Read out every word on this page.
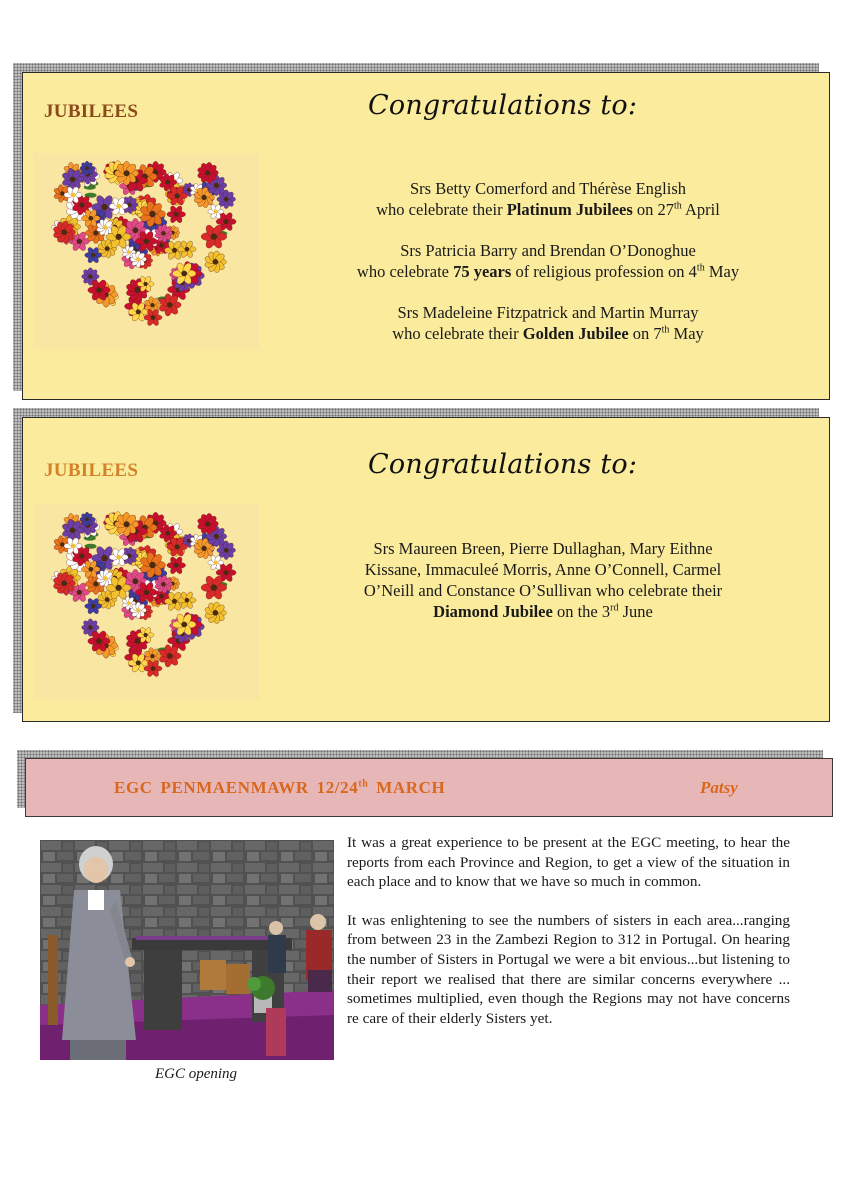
JUBILEES	Congratulations to:

Srs Betty Comerford and Thérèse English
who celebrate their Platinum Jubilees on 27th April

Srs Patricia Barry and Brendan O’Donoghue
who celebrate 75 years of religious profession on 4th May

Srs Madeleine Fitzpatrick and Martin Murray
who celebrate their Golden Jubilee on 7th May

JUBILEES	Congratulations to:

Srs Maureen Breen, Pierre Dullaghan, Mary Eithne
Kissane, Immaculeé Morris, Anne O’Connell, Carmel
O’Neill and Constance O’Sullivan who celebrate their
Diamond Jubilee on the 3rd June

EGC PENMAENMAWR 12/24th MARCH	Patsy
EGC opening

It was a great experience to be present at the EGC meeting, to hear the reports from each Province and Region, to get a view of the situation in each place and to know that we have so much in common.

It was enlightening to see the numbers of sisters in each area...ranging from between 23 in the Zambezi Region to 312 in Portugal. On hearing the number of Sisters in Portugal we were a bit envious...but listening to their report we realised that there are similar concerns everywhere ... sometimes multiplied, even though the Regions may not have concerns re care of their elderly Sisters yet.
